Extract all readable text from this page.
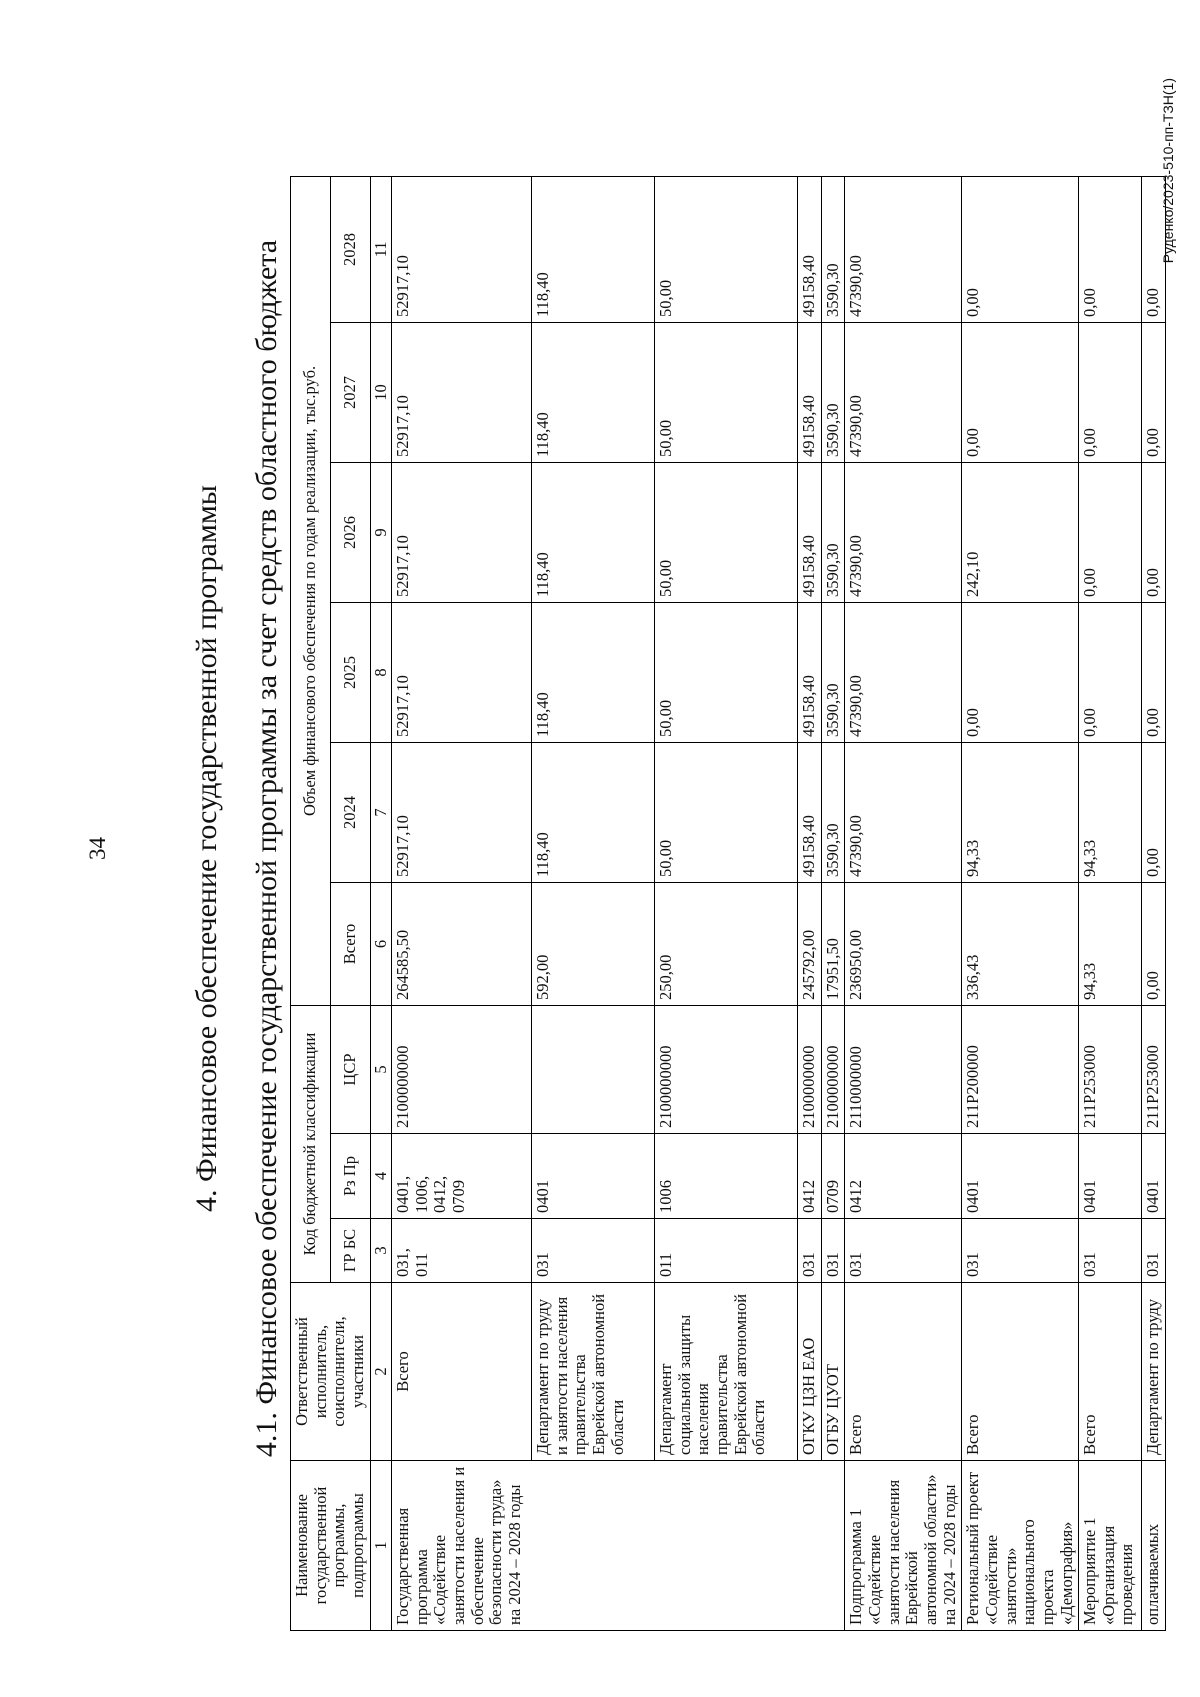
34	4. Финансовое обеспечение государственной программы 4.1. Финансовое обеспечение государственной программы за счет средств областного бюджета
Наименование государственной программы, подпрограммы	Ответственный исполнитель, соисполнители, участники	Код бюджетной классификации			Объем финансового обеспечения по годам реализации, тыс.руб.					
		ГР БС	Рз Пр	ЦСР	Всего	2024	2025	2026	2027	2028
1	2	3	4	5	6	7	8	9	10	11
Государственная программа «Содействие занятости населения и обеспечение безопасности труда» на 2024 – 2028 годы	Всего	031, 011	0401, 1006, 0412, 0709	2100000000	264585,50	52917,10	52917,10	52917,10	52917,10	52917,10
	Департамент по труду и занятости населения правительства Еврейской автономной области	031	0401		592,00	118,40	118,40	118,40	118,40	118,40
	Департамент социальной защиты населения правительства Еврейской автономной области	011	1006	2100000000	250,00	50,00	50,00	50,00	50,00	50,00
	ОГКУ ЦЗН ЕАО	031	0412	2100000000	245792,00	49158,40	49158,40	49158,40	49158,40	49158,40
	ОГБУ ЦУОТ	031	0709	2100000000	17951,50	3590,30	3590,30	3590,30	3590,30	3590,30
Подпрограмма 1 «Содействие занятости населения Еврейской автономной области» на 2024 – 2028 годы	Всего	031	0412	2110000000	236950,00	47390,00	47390,00	47390,00	47390,00	47390,00
Региональный проект «Содействие занятости» национального проекта «Демография»	Всего	031	0401	211P200000	336,43	94,33	0,00	242,10	0,00	0,00
Мероприятие 1 «Организация проведения	Всего	031	0401	211P253000	94,33	94,33	0,00	0,00	0,00	0,00
оплачиваемых	Департамент по труду	031	0401	211P253000	0,00	0,00	0,00	0,00	0,00	0,00
Руденко/2023-510-пп-ТЗН(1)
